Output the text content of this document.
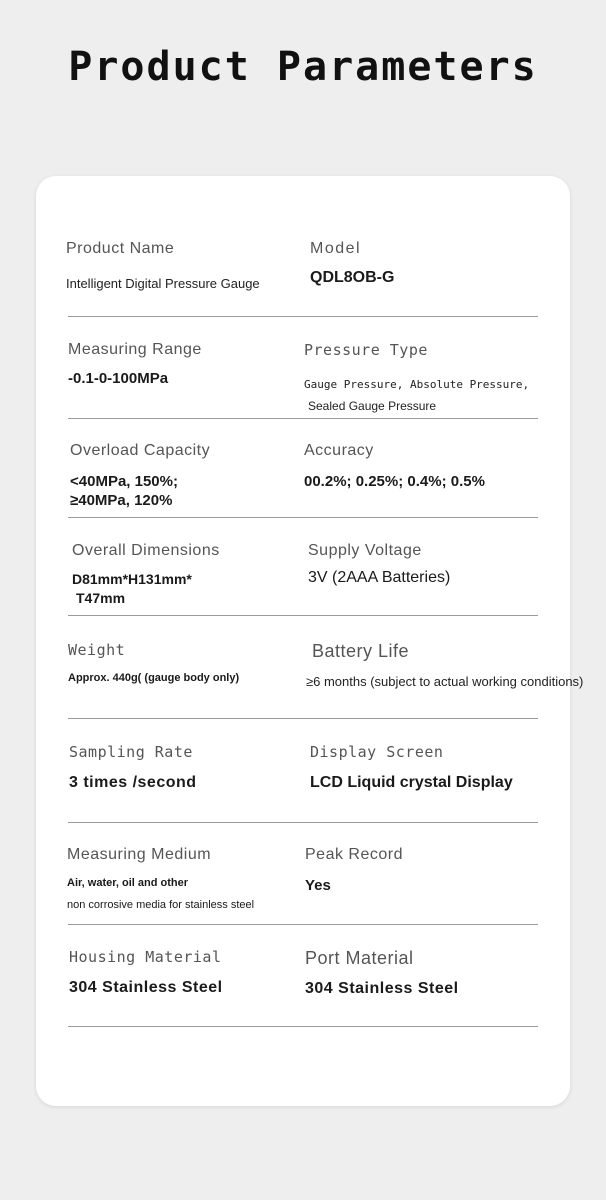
Product Parameters
Product Name
Intelligent Digital Pressure Gauge
Model
QDL8OB-G
Measuring Range
-0.1-0-100MPa
Pressure Type
Gauge Pressure, Absolute Pressure,
Sealed Gauge Pressure
Overload Capacity
<40MPa, 150%;
≥40MPa, 120%
Accuracy
00.2%; 0.25%; 0.4%; 0.5%
Overall Dimensions
D81mm*H131mm*
T47mm
Supply Voltage
3V (2AAA Batteries)
Weight
Approx. 440g( (gauge body only)
Battery Life
≥6 months (subject to actual working conditions)
Sampling Rate
3 times /second
Display Screen
LCD Liquid crystal Display
Measuring Medium
Air, water, oil and other
non corrosive media for stainless steel
Peak Record
Yes
Housing Material
304 Stainless Steel
Port Material
304 Stainless Steel
